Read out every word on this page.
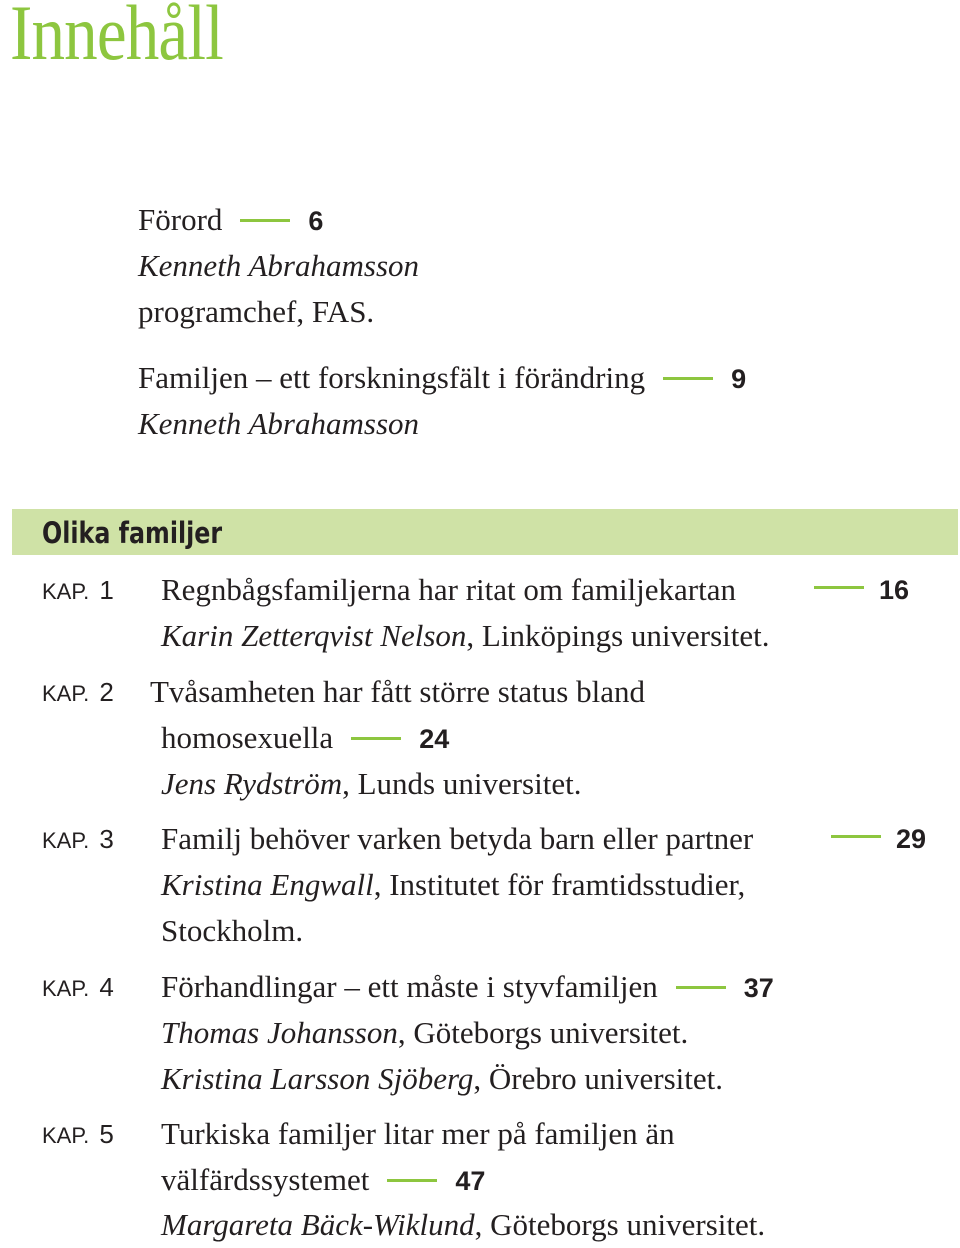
Innehåll
Förord	6
Kenneth Abrahamsson
programchef, FAS.
Familjen – ett forskningsfält i förändring	9
Kenneth Abrahamsson
Olika familjer
KAP. 1 Regnbågsfamiljerna har ritat om familjekartan	16
Karin Zetterqvist Nelson, Linköpings universitet.
KAP. 2 Tvåsamheten har fått större status bland
homosexuella	24
Jens Rydström, Lunds universitet.
KAP. 3 Familj behöver varken betyda barn eller partner	29
Kristina Engwall, Institutet för framtidsstudier,
Stockholm.
KAP. 4 Förhandlingar – ett måste i styvfamiljen	37
Thomas Johansson, Göteborgs universitet.
Kristina Larsson Sjöberg, Örebro universitet.
KAP. 5 Turkiska familjer litar mer på familjen än
välfärdssystemet	47
Margareta Bäck-Wiklund, Göteborgs universitet.
